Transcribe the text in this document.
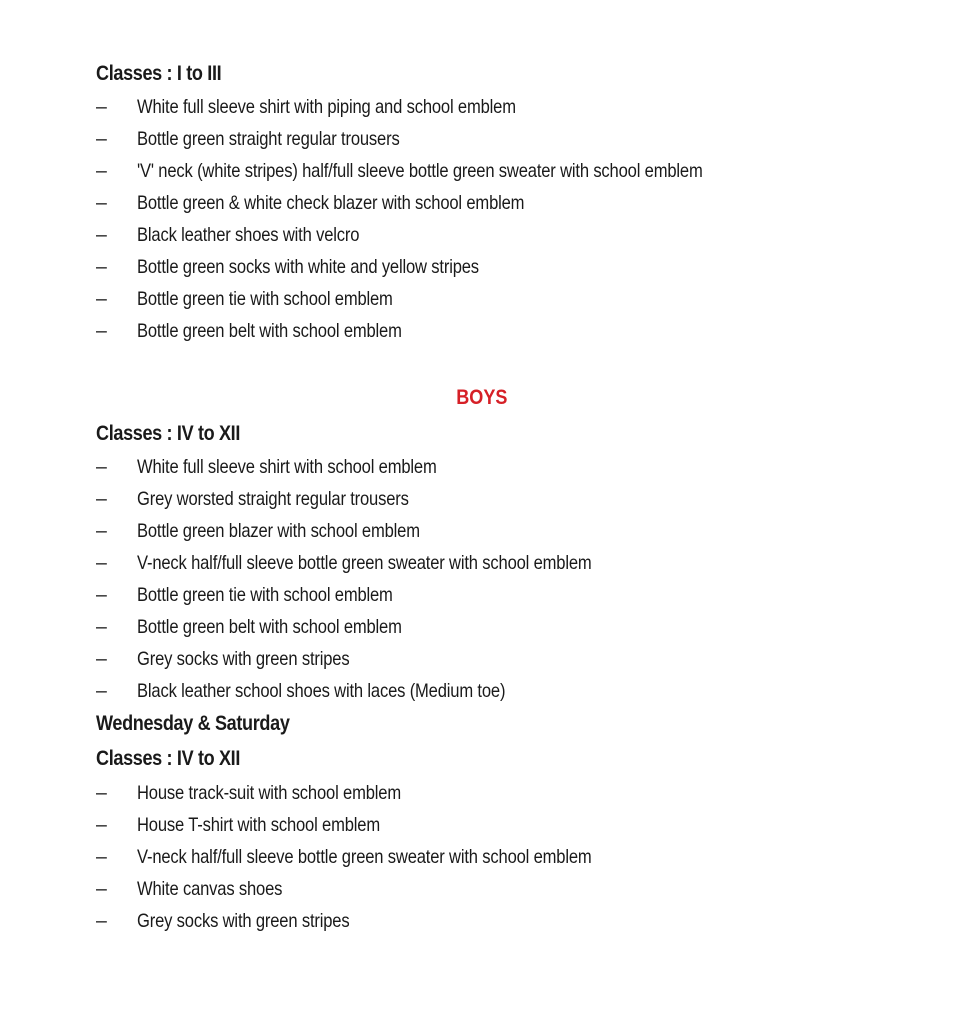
Classes : I to III
–	White full sleeve shirt with piping and school emblem
–	Bottle green straight regular trousers
–	'V' neck (white stripes) half/full sleeve bottle green sweater with school emblem
–	Bottle green & white check blazer with school emblem
–	Black leather shoes with velcro
–	Bottle green socks with white and yellow stripes
–	Bottle green tie with school emblem
–	Bottle green belt with school emblem
BOYS
Classes : IV to XII
–	White full sleeve shirt with school emblem
–	Grey worsted straight regular trousers
–	Bottle green blazer with school emblem
–	V-neck half/full sleeve bottle green sweater with school emblem
–	Bottle green tie with school emblem
–	Bottle green belt with school emblem
–	Grey socks with green stripes
–	Black leather school shoes with laces (Medium toe)
Wednesday & Saturday
Classes : IV to XII
–	House track-suit with school emblem
–	House T-shirt with school emblem
–	V-neck half/full sleeve bottle green sweater with school emblem
–	White canvas shoes
–	Grey socks with green stripes
